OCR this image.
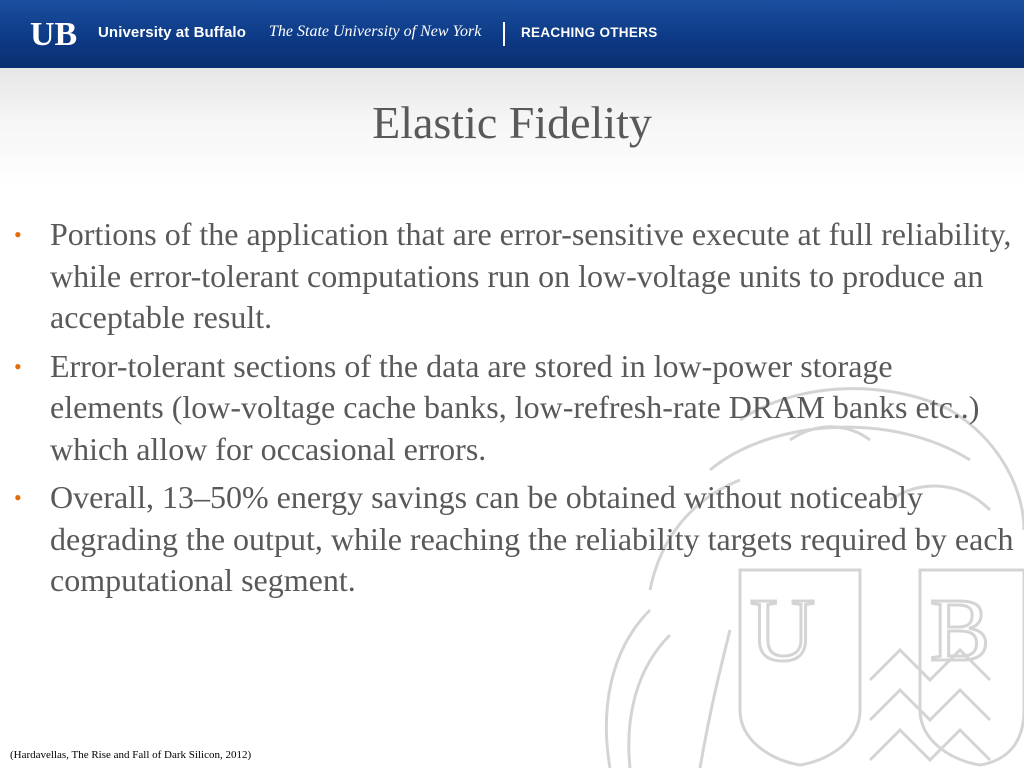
UB University at Buffalo The State University of New York	REACHING OTHERS
U B
Elastic Fidelity
• Portions of the application that are error-sensitive execute at full reliability, while error-tolerant computations run on low-voltage units to produce an acceptable result.
• Error-tolerant sections of the data are stored in low-power storage elements (low-voltage cache banks, low-refresh-rate DRAM banks etc..) which allow for occasional errors.
• Overall, 13–50% energy savings can be obtained without noticeably degrading the output, while reaching the reliability targets required by each computational segment.
(Hardavellas, The Rise and Fall of Dark Silicon, 2012)
